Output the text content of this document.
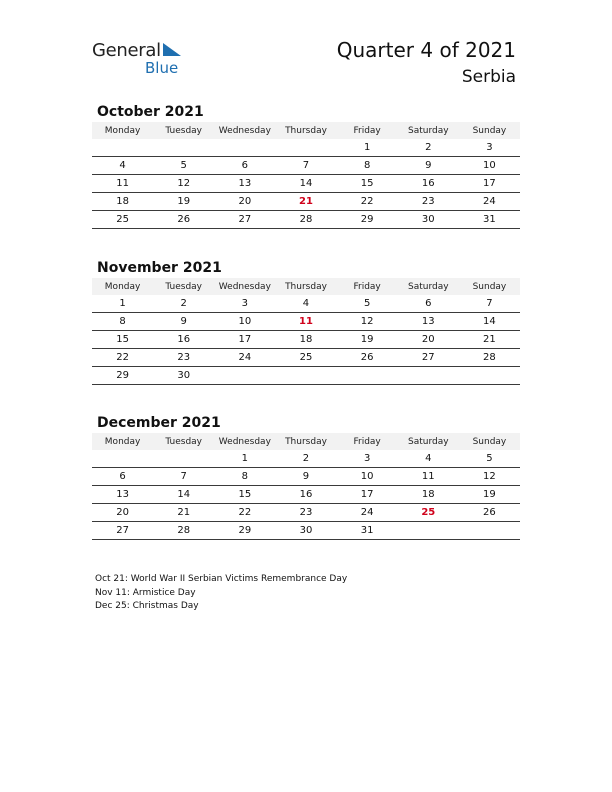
General
Blue
Quarter 4 of 2021
Serbia
October 2021
Monday	Tuesday	Wednesday	Thursday	Friday	Saturday	Sunday
				1	2	3
4	5	6	7	8	9	10
11	12	13	14	15	16	17
18	19	20	21	22	23	24
25	26	27	28	29	30	31
November 2021
Monday	Tuesday	Wednesday	Thursday	Friday	Saturday	Sunday
1	2	3	4	5	6	7
8	9	10	11	12	13	14
15	16	17	18	19	20	21
22	23	24	25	26	27	28
29	30					
December 2021
Monday	Tuesday	Wednesday	Thursday	Friday	Saturday	Sunday
		1	2	3	4	5
6	7	8	9	10	11	12
13	14	15	16	17	18	19
20	21	22	23	24	25	26
27	28	29	30	31		
Oct 21: World War II Serbian Victims Remembrance Day
Nov 11: Armistice Day
Dec 25: Christmas Day
